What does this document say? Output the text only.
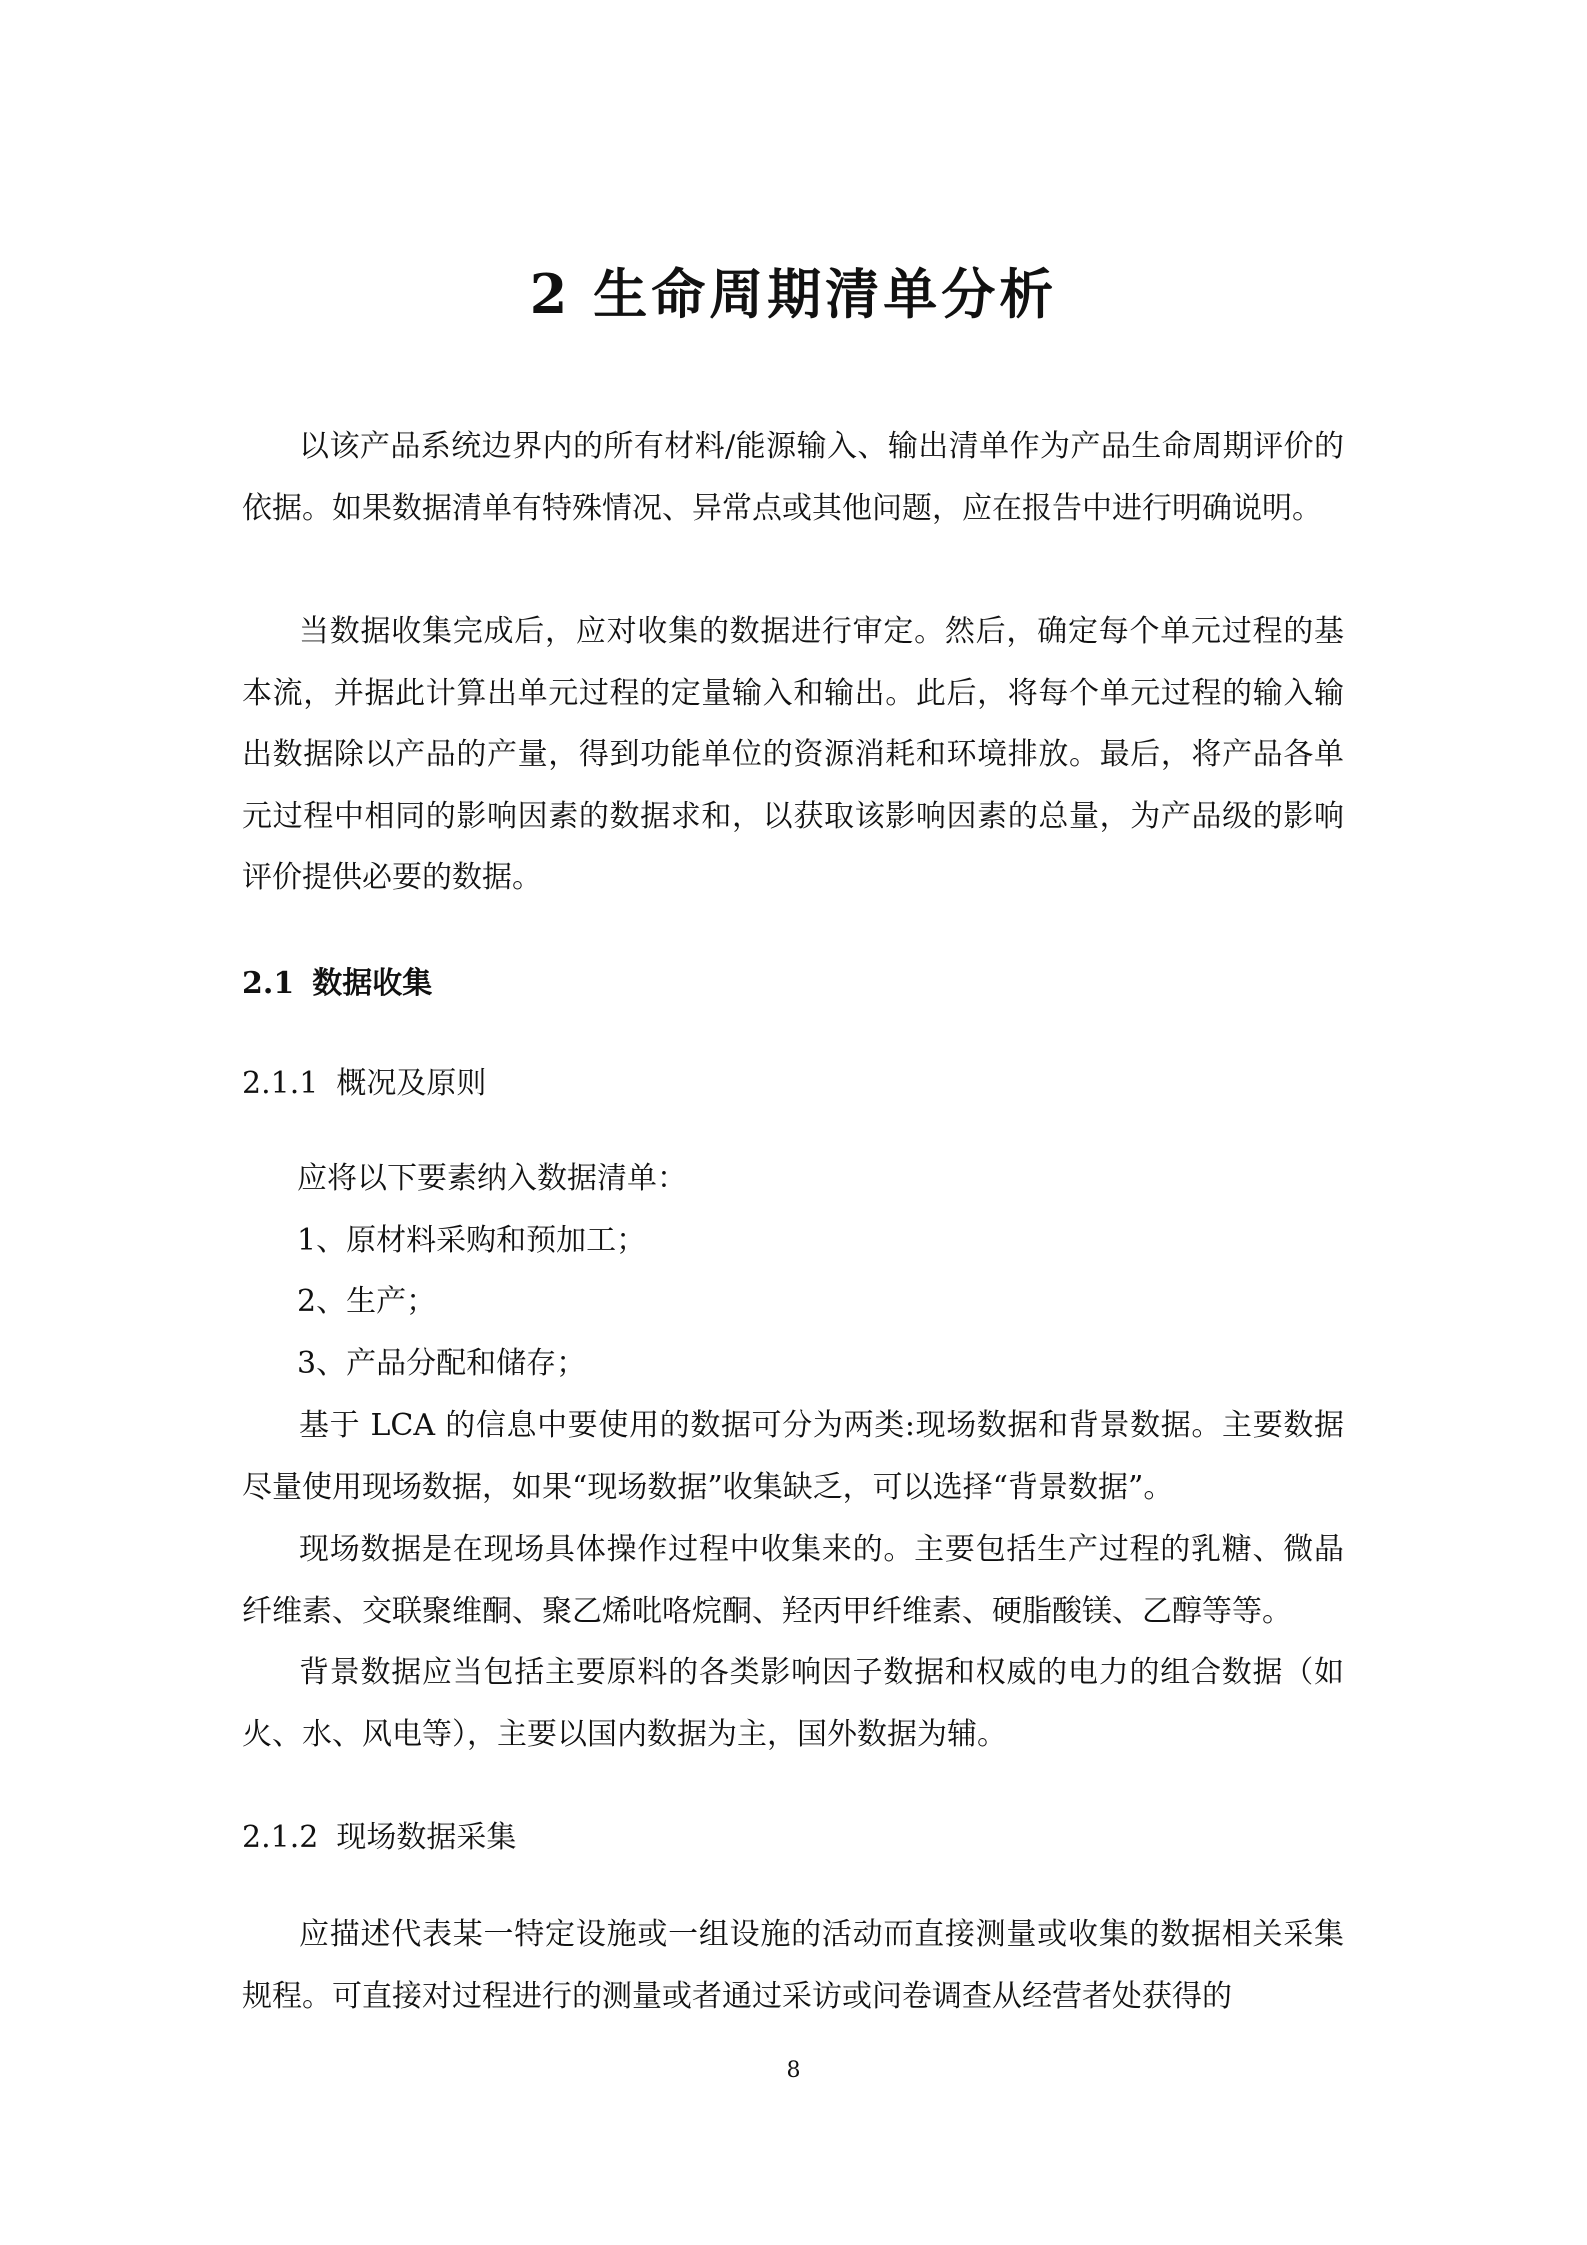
2 生命周期清单分析

以该产品系统边界内的所有材料/能源输入、输出清单作为产品生命周期评价的依据。如果数据清单有特殊情况、异常点或其他问题，应在报告中进行明确说明。

当数据收集完成后，应对收集的数据进行审定。然后，确定每个单元过程的基本流，并据此计算出单元过程的定量输入和输出。此后，将每个单元过程的输入输出数据除以产品的产量，得到功能单位的资源消耗和环境排放。最后，将产品各单元过程中相同的影响因素的数据求和，以获取该影响因素的总量，为产品级的影响评价提供必要的数据。

2.1 数据收集
2.1.1 概况及原则

应将以下要素纳入数据清单：

1、原材料采购和预加工；

2、生产；

3、产品分配和储存；

基于 LCA 的信息中要使用的数据可分为两类:现场数据和背景数据。主要数据尽量使用现场数据，如果“现场数据”收集缺乏，可以选择“背景数据”。

现场数据是在现场具体操作过程中收集来的。主要包括生产过程的乳糖、微晶纤维素、交联聚维酮、聚乙烯吡咯烷酮、羟丙甲纤维素、硬脂酸镁、乙醇等等。

背景数据应当包括主要原料的各类影响因子数据和权威的电力的组合数据（如火、水、风电等），主要以国内数据为主，国外数据为辅。

2.1.2 现场数据采集

应描述代表某一特定设施或一组设施的活动而直接测量或收集的数据相关采集规程。可直接对过程进行的测量或者通过采访或问卷调查从经营者处获得的

8
